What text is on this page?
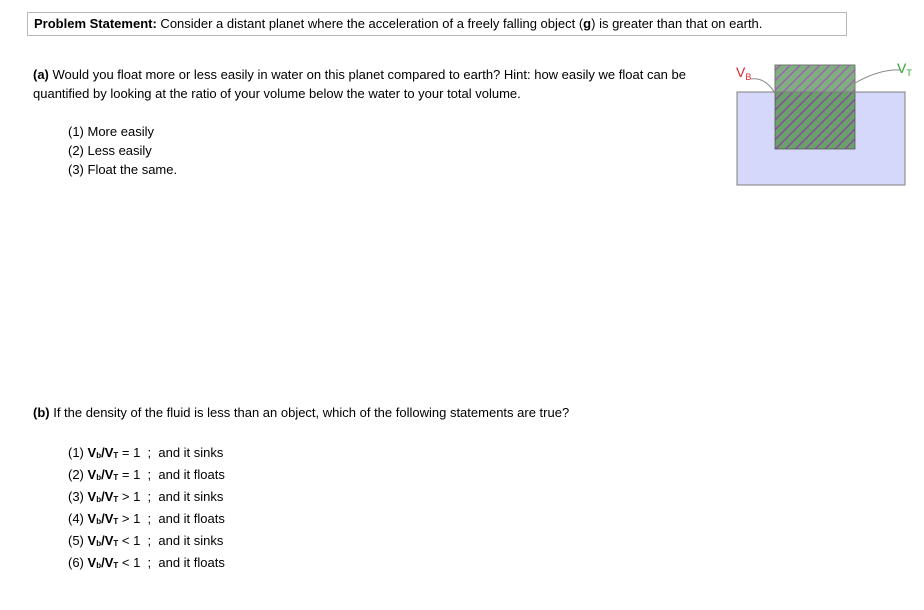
Problem Statement: Consider a distant planet where the acceleration of a freely falling object (g) is greater than that on earth.
(a) Would you float more or less easily in water on this planet compared to earth? Hint: how easily we float can be quantified by looking at the ratio of your volume below the water to your total volume.
(1) More easily
(2) Less easily
(3) Float the same.
$V_B$
$V_T$
(b) If the density of the fluid is less than an object, which of the following statements are true?
(1) Vb/VT = 1  ;  and it sinks
(2) Vb/VT = 1  ;  and it floats
(3) Vb/VT > 1  ;  and it sinks
(4) Vb/VT > 1  ;  and it floats
(5) Vb/VT < 1  ;  and it sinks
(6) Vb/VT < 1  ;  and it floats
